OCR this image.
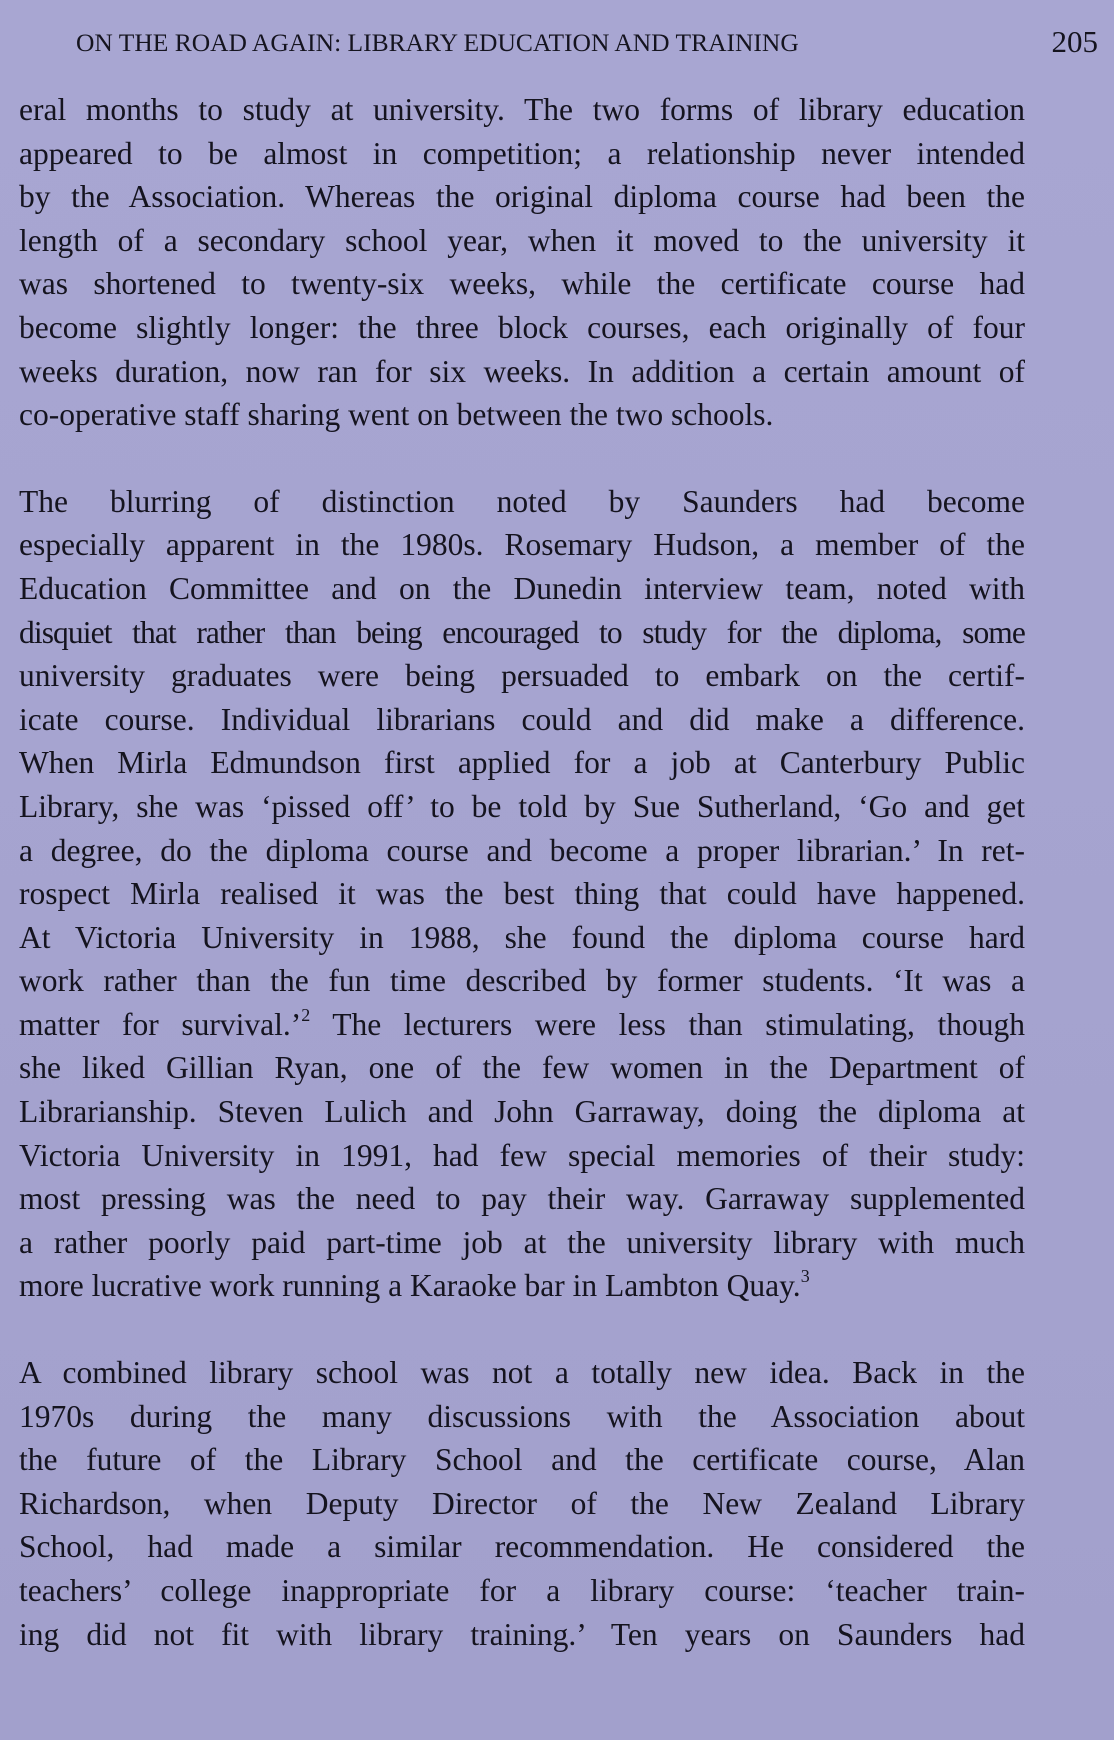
ON THE ROAD AGAIN: LIBRARY EDUCATION AND TRAINING	205
eral months to study at university. The two forms of library education
appeared to be almost in competition; a relationship never intended
by the Association. Whereas the original diploma course had been the
length of a secondary school year, when it moved to the university it
was shortened to twenty-six weeks, while the certificate course had
become slightly longer: the three block courses, each originally of four
weeks duration, now ran for six weeks. In addition a certain amount of
co-operative staff sharing went on between the two schools.
The blurring of distinction noted by Saunders had become
especially apparent in the 1980s. Rosemary Hudson, a member of the
Education Committee and on the Dunedin interview team, noted with
disquiet that rather than being encouraged to study for the diploma, some
university graduates were being persuaded to embark on the certif-
icate course. Individual librarians could and did make a difference.
When Mirla Edmundson first applied for a job at Canterbury Public
Library, she was ‘pissed off’ to be told by Sue Sutherland, ‘Go and get
a degree, do the diploma course and become a proper librarian.’ In ret-
rospect Mirla realised it was the best thing that could have happened.
At Victoria University in 1988, she found the diploma course hard
work rather than the fun time described by former students. ‘It was a
matter for survival.’$^2$ The lecturers were less than stimulating, though
she liked Gillian Ryan, one of the few women in the Department of
Librarianship. Steven Lulich and John Garraway, doing the diploma at
Victoria University in 1991, had few special memories of their study:
most pressing was the need to pay their way. Garraway supplemented
a rather poorly paid part-time job at the university library with much
more lucrative work running a Karaoke bar in Lambton Quay.$^3$
A combined library school was not a totally new idea. Back in the
1970s during the many discussions with the Association about
the future of the Library School and the certificate course, Alan
Richardson, when Deputy Director of the New Zealand Library
School, had made a similar recommendation. He considered the
teachers’ college inappropriate for a library course: ‘teacher train-
ing did not fit with library training.’ Ten years on Saunders had
